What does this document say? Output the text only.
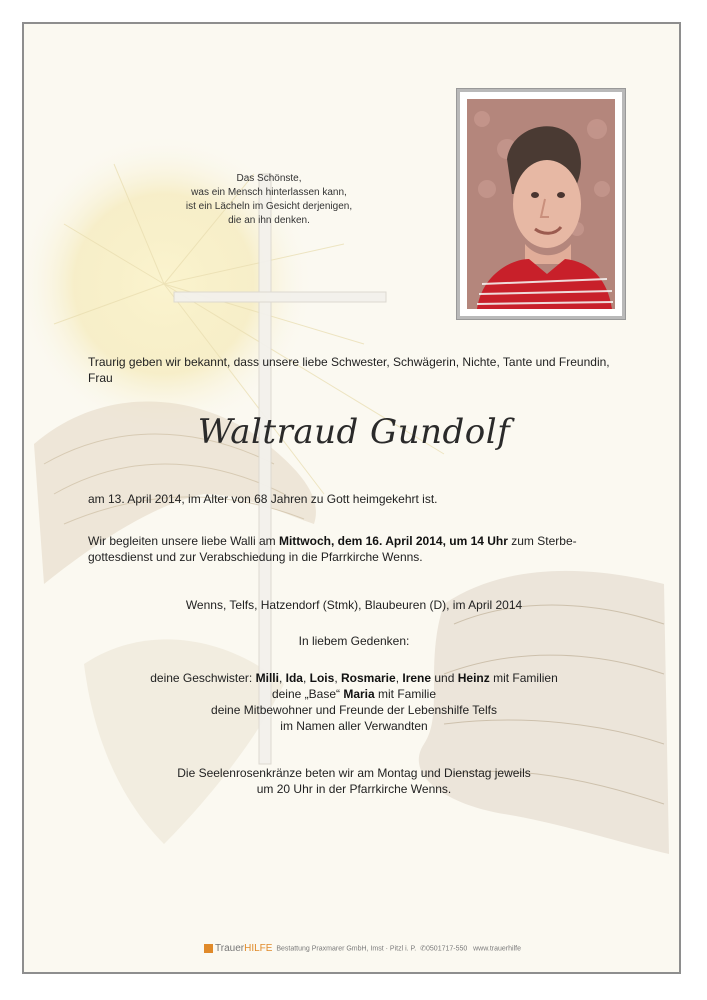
Das Schönste,
was ein Mensch hinterlassen kann,
ist ein Lächeln im Gesicht derjenigen,
die an ihn denken.
Traurig geben wir bekannt, dass unsere liebe Schwester, Schwägerin, Nichte, Tante und Freundin,
Frau
Waltraud Gundolf
am 13. April 2014, im Alter von 68 Jahren zu Gott heimgekehrt ist.
Wir begleiten unsere liebe Walli am Mittwoch, dem 16. April 2014, um 14 Uhr zum Sterbe-
gottesdienst und zur Verabschiedung in die Pfarrkirche Wenns.
Wenns, Telfs, Hatzendorf (Stmk), Blaubeuren (D), im April 2014
In liebem Gedenken:
deine Geschwister: Milli, Ida, Lois, Rosmarie, Irene und Heinz mit Familien
deine „Base“ Maria mit Familie
deine Mitbewohner und Freunde der Lebenshilfe Telfs
im Namen aller Verwandten
Die Seelenrosenkränze beten wir am Montag und Dienstag jeweils
um 20 Uhr in der Pfarrkirche Wenns.
TrauerHILFE Bestattung Praxmarer GmbH, Imst · Pitzl i. P. ✆0501717-550 www.trauerhilfe
